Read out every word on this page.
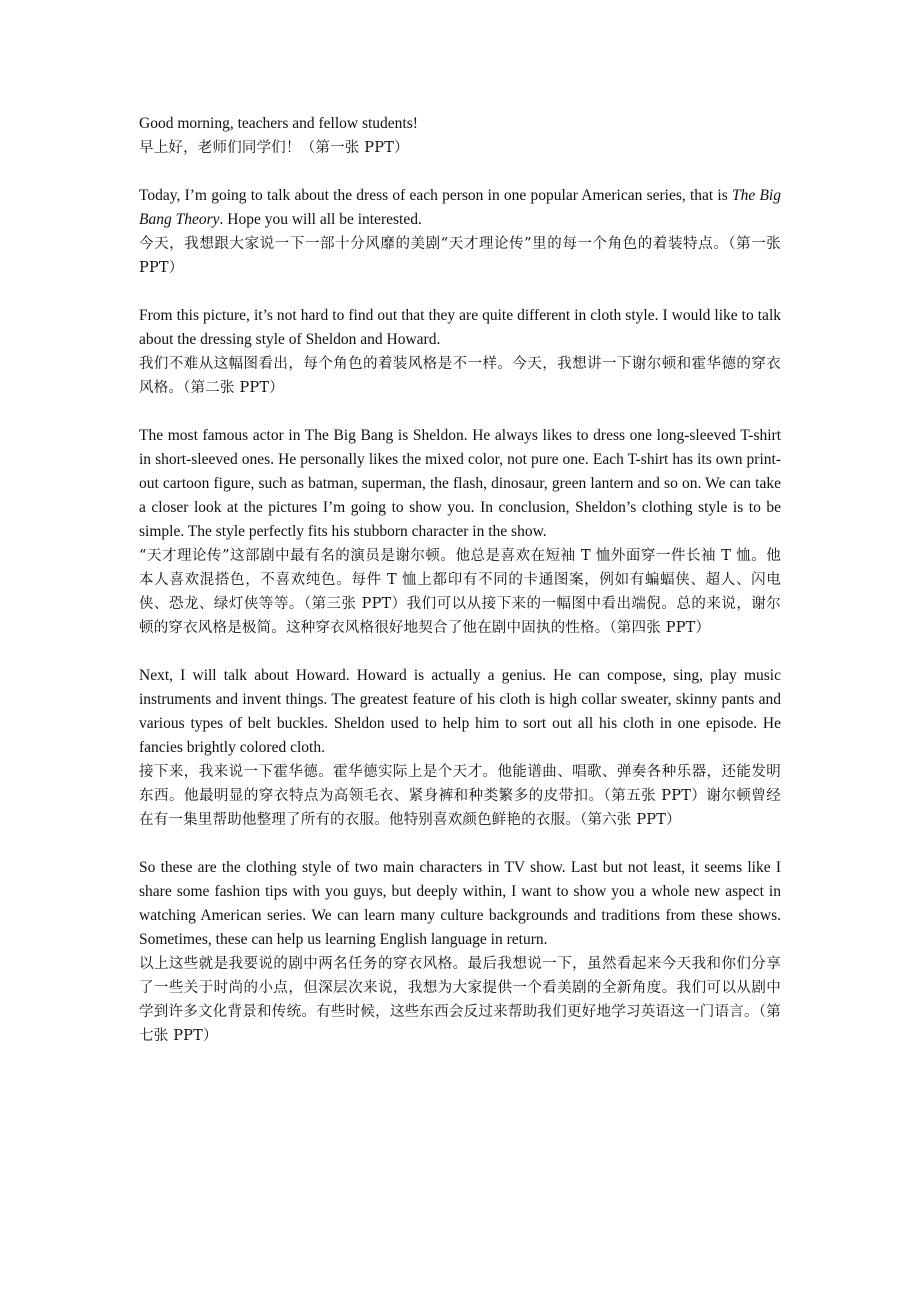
Good morning, teachers and fellow students!

早上好，老师们同学们！（第一张 PPT）

Today, I’m going to talk about the dress of each person in one popular American series, that is The Big Bang Theory. Hope you will all be interested.

今天，我想跟大家说一下一部十分风靡的美剧“天才理论传”里的每一个角色的着装特点。（第一张 PPT）

From this picture, it’s not hard to find out that they are quite different in cloth style. I would like to talk about the dressing style of Sheldon and Howard.

我们不难从这幅图看出，每个角色的着装风格是不一样。今天，我想讲一下谢尔顿和霍华德的穿衣风格。（第二张 PPT）

The most famous actor in The Big Bang is Sheldon. He always likes to dress one long-sleeved T-shirt in short-sleeved ones. He personally likes the mixed color, not pure one. Each T-shirt has its own print-out cartoon figure, such as batman, superman, the flash, dinosaur, green lantern and so on. We can take a closer look at the pictures I’m going to show you. In conclusion, Sheldon’s clothing style is to be simple. The style perfectly fits his stubborn character in the show.

“天才理论传”这部剧中最有名的演员是谢尔顿。他总是喜欢在短袖 T 恤外面穿一件长袖 T 恤。他本人喜欢混搭色，不喜欢纯色。每件 T 恤上都印有不同的卡通图案，例如有蝙蝠侠、超人、闪电侠、恐龙、绿灯侠等等。（第三张 PPT）我们可以从接下来的一幅图中看出端倪。总的来说，谢尔顿的穿衣风格是极简。这种穿衣风格很好地契合了他在剧中固执的性格。（第四张 PPT）

Next, I will talk about Howard. Howard is actually a genius. He can compose, sing, play music instruments and invent things. The greatest feature of his cloth is high collar sweater, skinny pants and various types of belt buckles. Sheldon used to help him to sort out all his cloth in one episode. He fancies brightly colored cloth.

接下来，我来说一下霍华德。霍华德实际上是个天才。他能谱曲、唱歌、弹奏各种乐器，还能发明东西。他最明显的穿衣特点为高领毛衣、紧身裤和种类繁多的皮带扣。（第五张 PPT）谢尔顿曾经在有一集里帮助他整理了所有的衣服。他特别喜欢颜色鲜艳的衣服。（第六张 PPT）

So these are the clothing style of two main characters in TV show. Last but not least, it seems like I share some fashion tips with you guys, but deeply within, I want to show you a whole new aspect in watching American series. We can learn many culture backgrounds and traditions from these shows. Sometimes, these can help us learning English language in return.

以上这些就是我要说的剧中两名任务的穿衣风格。最后我想说一下，虽然看起来今天我和你们分享了一些关于时尚的小点，但深层次来说，我想为大家提供一个看美剧的全新角度。我们可以从剧中学到许多文化背景和传统。有些时候，这些东西会反过来帮助我们更好地学习英语这一门语言。（第七张 PPT）
